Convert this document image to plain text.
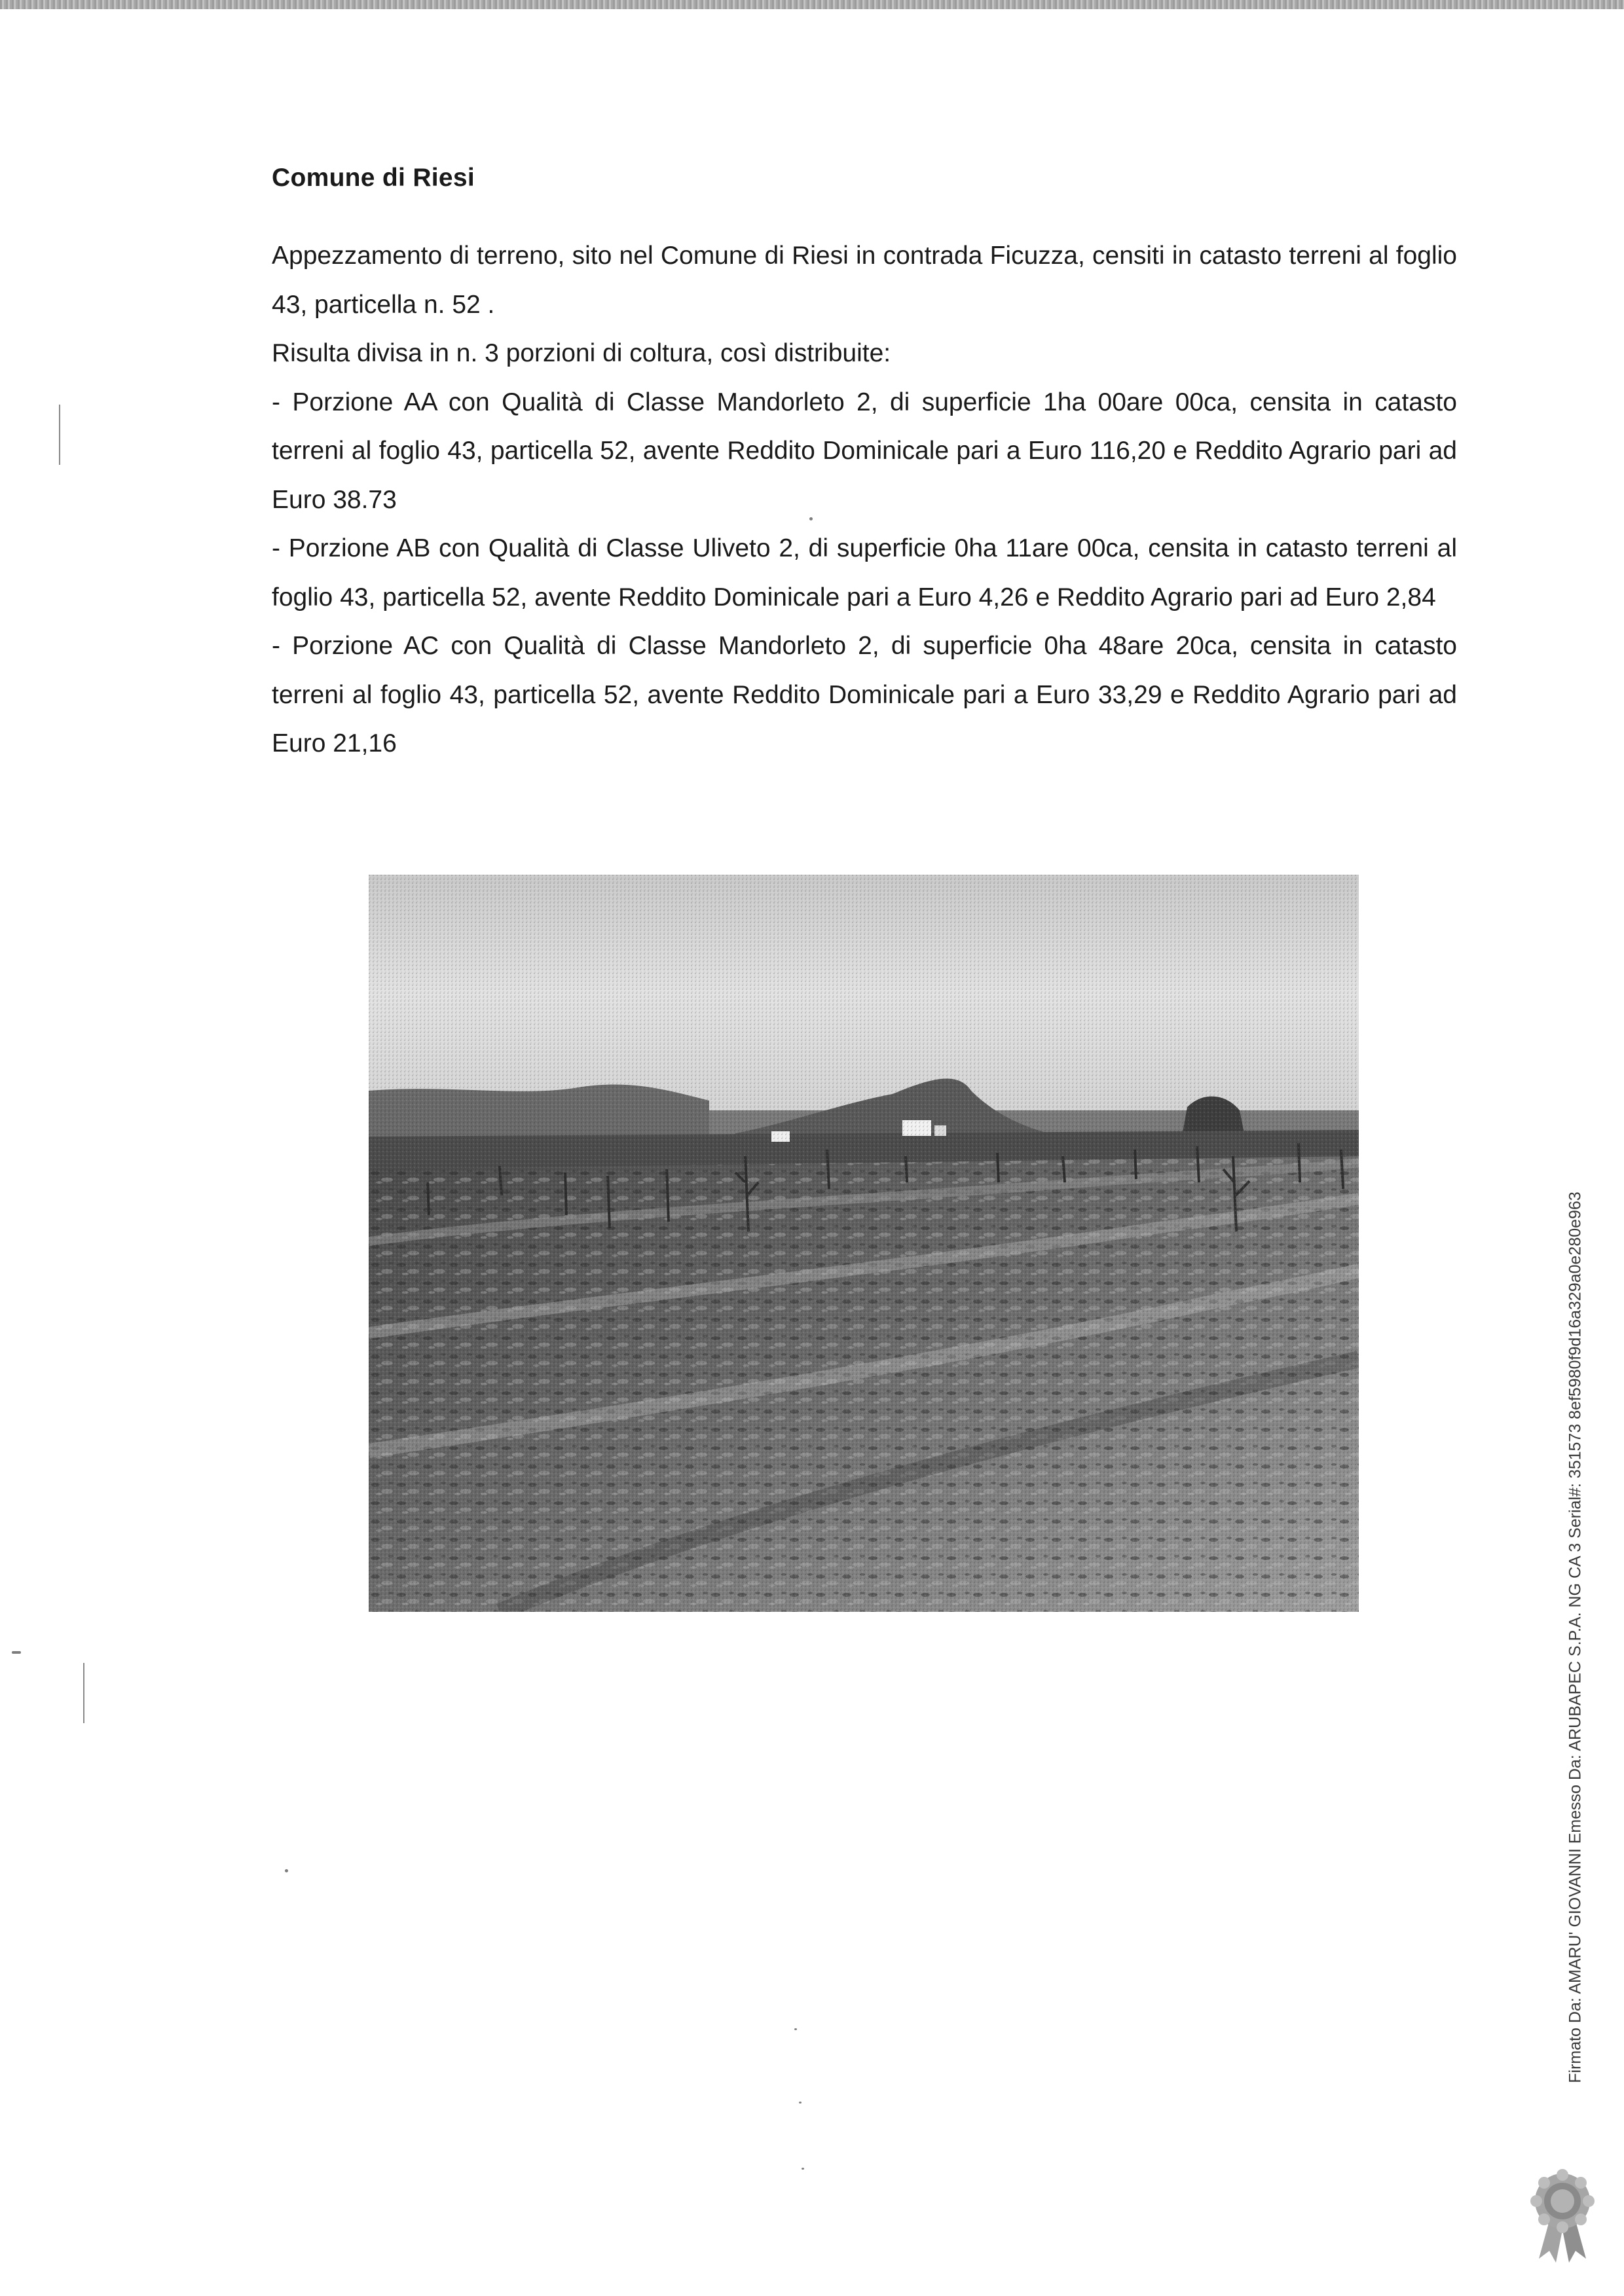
Comune di Riesi

Appezzamento di terreno, sito nel Comune di Riesi in contrada Ficuzza, censiti in catasto terreni al foglio 43, particella n. 52 .

Risulta divisa in n. 3 porzioni di coltura, così distribuite:

- Porzione AA con Qualità di Classe Mandorleto 2, di superficie 1ha 00are 00ca, censita in catasto terreni al foglio 43, particella 52, avente Reddito Dominicale pari a Euro 116,20 e Reddito Agrario pari ad Euro 38.73

- Porzione AB con Qualità di Classe Uliveto 2, di superficie 0ha 11are 00ca, censita in catasto terreni al foglio 43, particella 52, avente Reddito Dominicale pari a Euro 4,26 e Reddito Agrario pari ad Euro 2,84

- Porzione AC con Qualità di Classe Mandorleto 2, di superficie 0ha 48are 20ca, censita in catasto terreni al foglio 43, particella 52, avente Reddito Dominicale pari a Euro 33,29 e Reddito Agrario pari ad Euro 21,16

Firmato Da: AMARU' GIOVANNI Emesso Da: ARUBAPEC S.P.A. NG CA 3 Serial#: 351573 8ef5980f9d16a329a0e280e963
